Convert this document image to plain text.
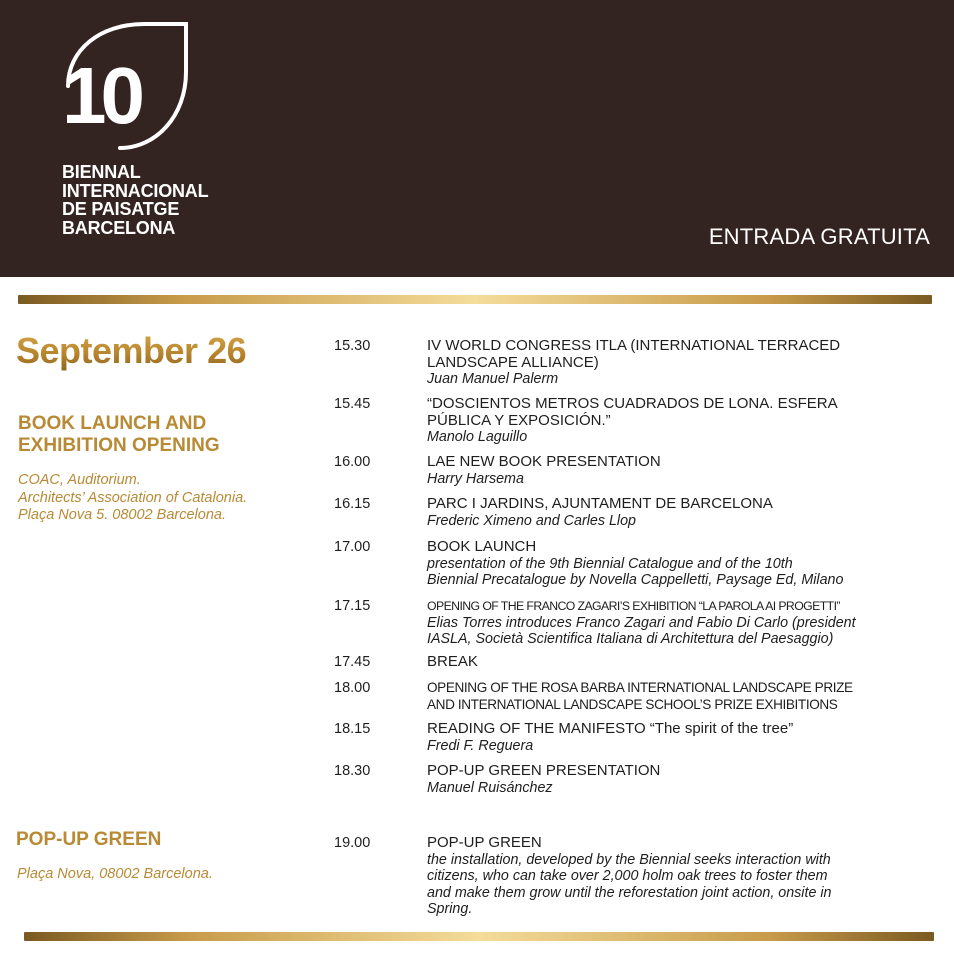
10
BIENNAL
INTERNACIONAL
DE PAISATGE
BARCELONA	ENTRADA GRATUITA
September 26th
BOOK LAUNCH AND
EXHIBITION OPENING
COAC, Auditorium.
Architects’ Association of Catalonia.
Plaça Nova 5. 08002 Barcelona.
POP-UP GREEN
Plaça Nova, 08002 Barcelona.
15.30	IV WORLD CONGRESS ITLA (INTERNATIONAL TERRACED
LANDSCAPE ALLIANCE)
Juan Manuel Palerm
15.45	“DOSCIENTOS METROS CUADRADOS DE LONA. ESFERA
PÚBLICA Y EXPOSICIÓN.”
Manolo Laguillo
16.00	LAE NEW BOOK PRESENTATION
Harry Harsema
16.15	PARC I JARDINS, AJUNTAMENT DE BARCELONA
Frederic Ximeno and Carles Llop
17.00	BOOK LAUNCH
presentation of the 9th Biennial Catalogue and of the 10th
Biennial Precatalogue by Novella Cappelletti, Paysage Ed, Milano
17.15	OPENING OF THE FRANCO ZAGARI’S EXHIBITION “LA PAROLA AI PROGETTI”
Elias Torres introduces Franco Zagari and Fabio Di Carlo (president
IASLA, Società Scientifica Italiana di Architettura del Paesaggio)
17.45	BREAK
18.00	OPENING OF THE ROSA BARBA INTERNATIONAL LANDSCAPE PRIZE
AND INTERNATIONAL LANDSCAPE SCHOOL’S PRIZE EXHIBITIONS
18.15	READING OF THE MANIFESTO “The spirit of the tree”
Fredi F. Reguera
18.30	POP-UP GREEN PRESENTATION
Manuel Ruisánchez
19.00	POP-UP GREEN
the installation, developed by the Biennial seeks interaction with
citizens, who can take over 2,000 holm oak trees to foster them
and make them grow until the reforestation joint action, onsite in
Spring.
